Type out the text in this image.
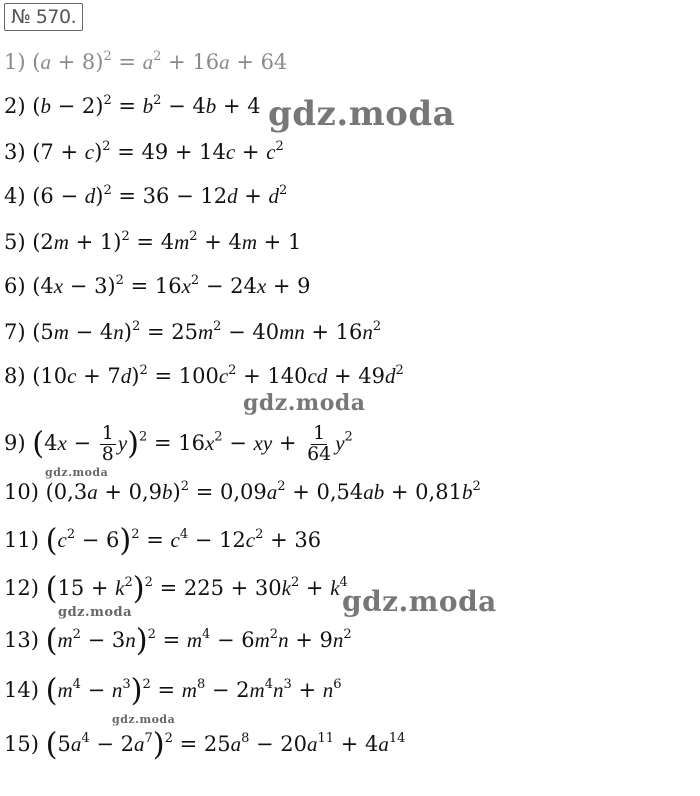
№ 570.
1) $(a + 8)^2 = a^2 + 16a + 64$
2) $(b - 2)^2 = b^2 - 4b + 4$
3) $(7 + c)^2 = 49 + 14c + c^2$
4) $(6 - d)^2 = 36 - 12d + d^2$
5) $(2m + 1)^2 = 4m^2 + 4m + 1$
6) $(4x - 3)^2 = 16x^2 - 24x + 9$
7) $(5m - 4n)^2 = 25m^2 - 40mn + 16n^2$
8) $(10c + 7d)^2 = 100c^2 + 140cd + 49d^2$
9) $(4x - \frac{1}{8} y)^2 = 16x^2$ − xy + $\frac{1}{64} y^2$
10) $(0,3a + 0,9b)^2 = 0,09a^2 + 0,54ab + 0,81b^2$
11) $(c^2 - 6)^2 = c^4 - 12c^2 + 36$
12) $(15 + k^2)^2 = 225 + 30k^2 + k^4$
13) $(m^2 - 3n)^2 = m^4 - 6m^2n + 9n^2$
14) $(m^4 - n^3)^2 = m^8 - 2m^4n^3 + n^6$
15) $(5a^4 - 2a^7)^2 = 25a^8 - 20a^{11} + 4a^{14}$
gdz.moda
gdz.moda
gdz.moda
gdz.moda
gdz.moda
gdz.moda
